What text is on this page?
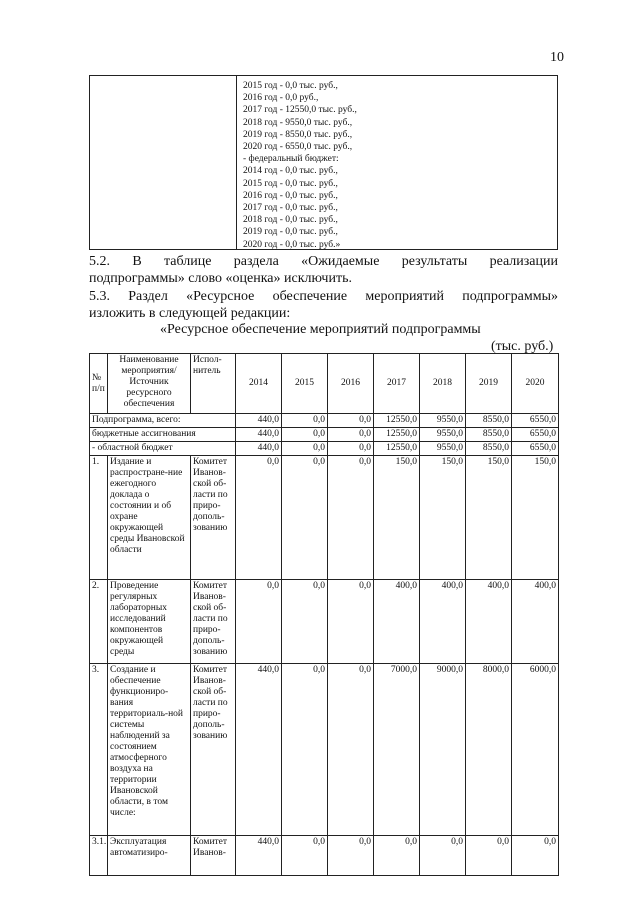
10
2015 год - 0,0 тыс. руб.,
2016 год - 0,0 руб.,
2017 год - 12550,0 тыс. руб.,
2018 год - 9550,0 тыс. руб.,
2019 год - 8550,0 тыс. руб.,
2020 год - 6550,0 тыс. руб.,
- федеральный бюджет:
2014 год - 0,0 тыс. руб.,
2015 год - 0,0 тыс. руб.,
2016 год - 0,0 тыс. руб.,
2017 год - 0,0 тыс. руб.,
2018 год - 0,0 тыс. руб.,
2019 год - 0,0 тыс. руб.,
2020 год - 0,0 тыс. руб.»
5.2. В таблице раздела «Ожидаемые результаты реализации
подпрограммы» слово «оценка» исключить.
5.3. Раздел «Ресурсное обеспечение мероприятий подпрограммы»
изложить в следующей редакции:
«Ресурсное обеспечение мероприятий подпрограммы
(тыс. руб.)
№ п/п	Наименование мероприятия/ Источник ресурсного обеспечения	Испол-нитель	2014	2015	2016	2017	2018	2019	2020
Подпрограмма, всего:			440,0	0,0	0,0	12550,0	9550,0	8550,0	6550,0
бюджетные ассигнования			440,0	0,0	0,0	12550,0	9550,0	8550,0	6550,0
- областной бюджет			440,0	0,0	0,0	12550,0	9550,0	8550,0	6550,0
1.	Издание и распростране-ние ежегодного доклада о состоянии и об охране окружающей среды Ивановской области	Комитет Иванов-ской об-ласти по приро-дополь-зованию	0,0	0,0	0,0	150,0	150,0	150,0	150,0
2.	Проведение регулярных лабораторных исследований компонентов окружающей среды	Комитет Иванов-ской об-ласти по приро-дополь-зованию	0,0	0,0	0,0	400,0	400,0	400,0	400,0
3.	Создание и обеспечение функциониро-вания территориаль-ной системы наблюдений за состоянием атмосферного воздуха на территории Ивановской области, в том числе:	Комитет Иванов-ской об-ласти по приро-дополь-зованию	440,0	0,0	0,0	7000,0	9000,0	8000,0	6000,0
3.1.	Эксплуатация автоматизиро-	Комитет Иванов-	440,0	0,0	0,0	0,0	0,0	0,0	0,0
